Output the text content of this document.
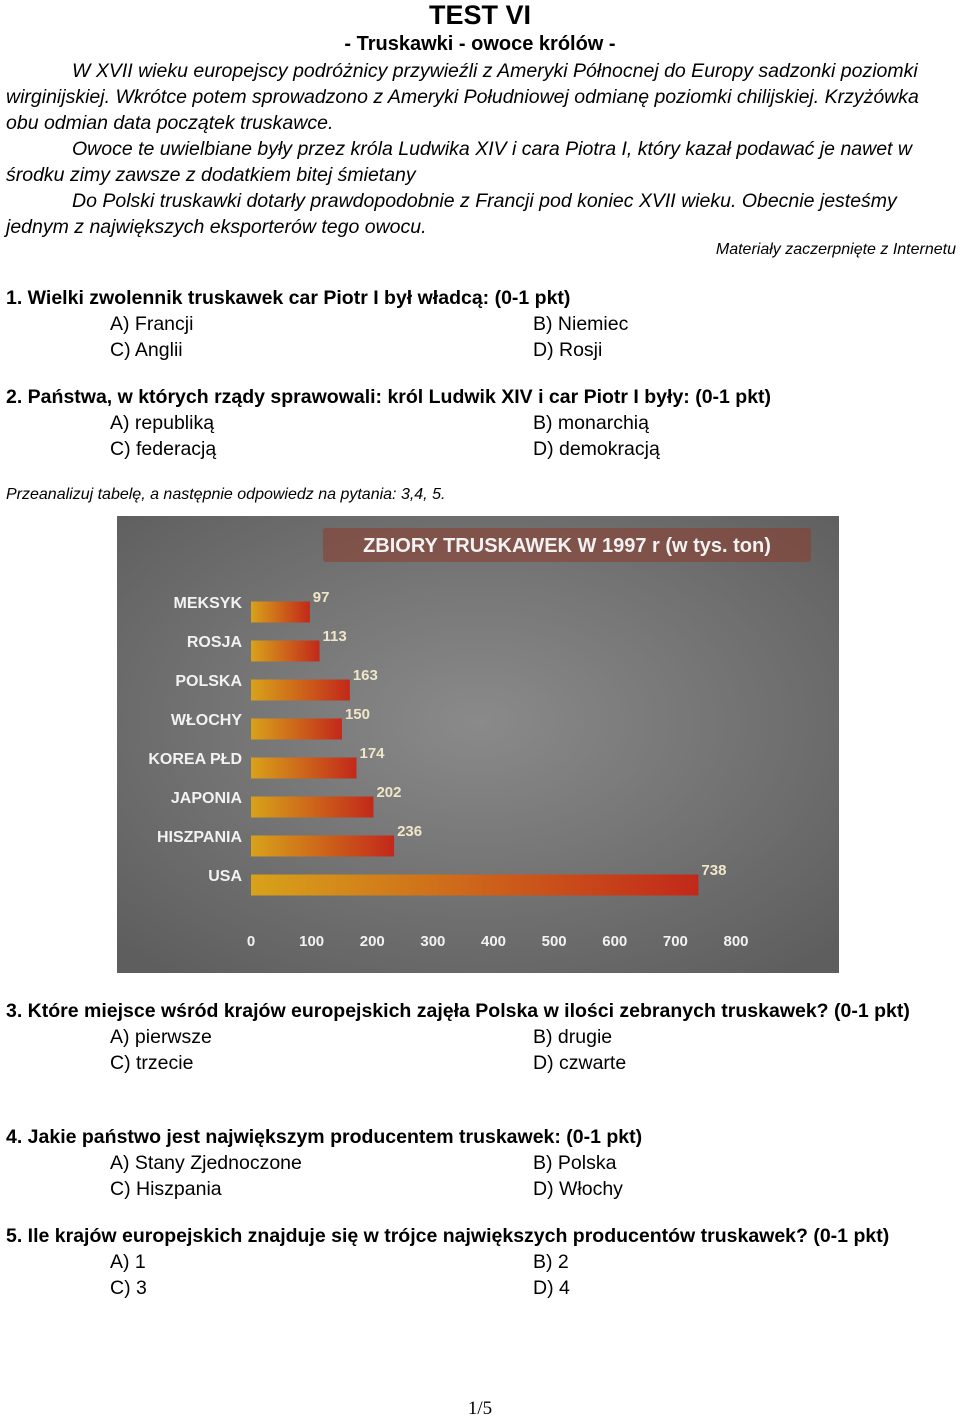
TEST VI
- Truskawki - owoce królów -

W XVII wieku europejscy podróżnicy przywieźli z Ameryki Północnej do Europy sadzonki poziomki wirginijskiej. Wkrótce potem sprowadzono z Ameryki Południowej odmianę poziomki chilijskiej. Krzyżówka obu odmian data początek truskawce.

Owoce te uwielbiane były przez króla Ludwika XIV i cara Piotra I, który kazał podawać je nawet w środku zimy zawsze z dodatkiem bitej śmietany

Do Polski truskawki dotarły prawdopodobnie z Francji pod koniec XVII wieku. Obecnie jesteśmy jednym z największych eksporterów tego owocu.

Materiały zaczerpnięte z Internetu
1. Wielki zwolennik truskawek car Piotr I był władcą: (0-1 pkt)
A) Francji	B) Niemiec
C) Anglii	D) Rosji
2. Państwa, w których rządy sprawowali: król Ludwik XIV i car Piotr I były: (0-1 pkt)
A) republiką	B) monarchią
C) federacją	D) demokracją
Przeanalizuj tabelę, a następnie odpowiedz na pytania: 3,4, 5.
ZBIORY TRUSKAWEK W 1997 r (w tys. ton)
MEKSYK	97
ROSJA	113
POLSKA	163
WŁOCHY	150
KOREA PŁD	174
JAPONIA	202
HISZPANIA	236
USA	738
0	100 200 300 400 500 600 700 800
3. Które miejsce wśród krajów europejskich zajęła Polska w ilości zebranych truskawek? (0-1 pkt)
A) pierwsze	B) drugie
C) trzecie	D) czwarte
4. Jakie państwo jest największym producentem truskawek: (0-1 pkt)
A) Stany Zjednoczone	B) Polska
C) Hiszpania	D) Włochy
5. Ile krajów europejskich znajduje się w trójce największych producentów truskawek? (0-1 pkt)
A) 1	B) 2
C) 3	D) 4
1/5
